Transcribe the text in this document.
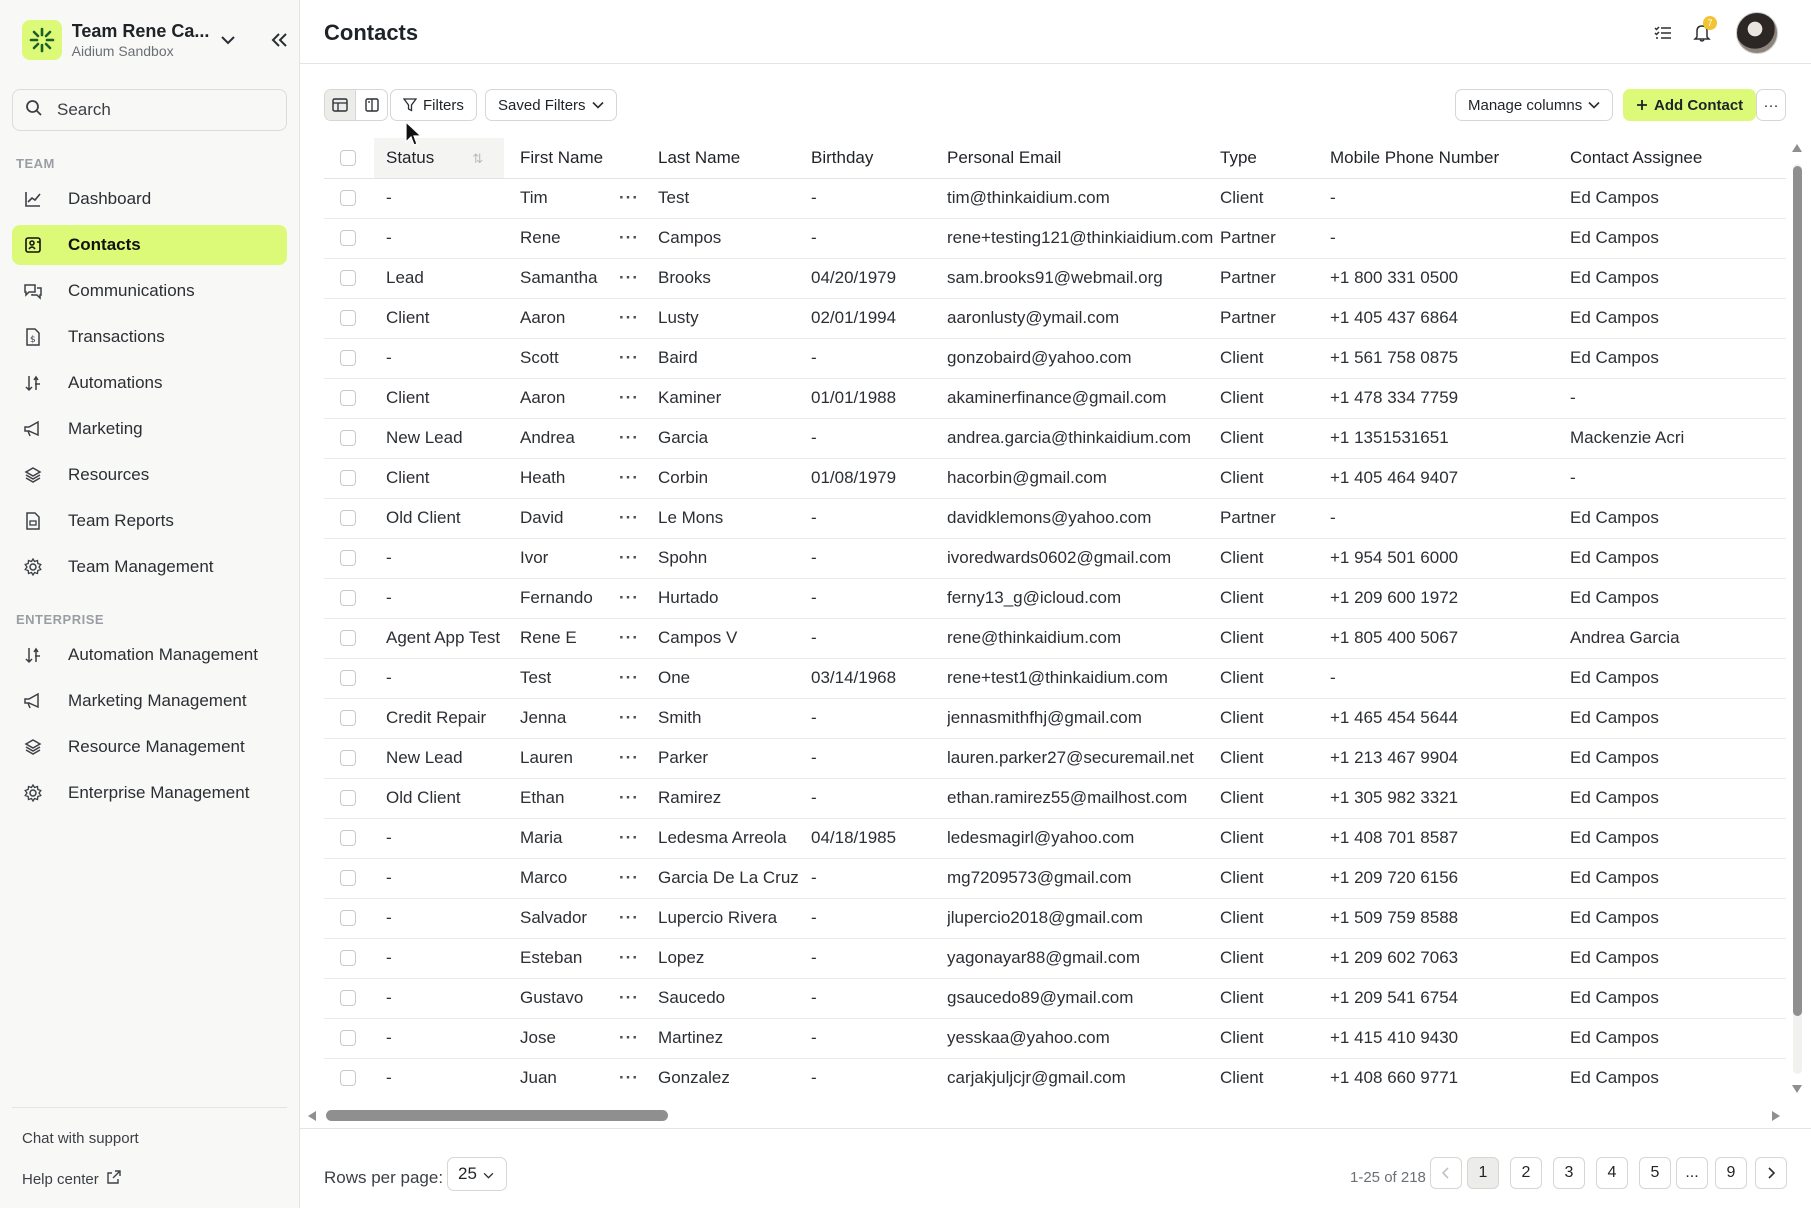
Team Rene Ca...
Aidium Sandbox
Search
TEAM
Dashboard
Contacts
Communications
$ Transactions
Automations
Marketing
Resources
Team Reports
Team Management
ENTERPRISE
Automation Management
Marketing Management
Resource Management
Enterprise Management
Chat with support
Help center
Contacts	7
Filters Saved Filters	Manage columns	Add Contact ···
	Status ⇅	First Name		Last Name	Birthday	Personal Email	Type	Mobile Phone Number	Contact Assignee

	-	Tim	···	Test	-	tim@thinkaidium.com	Client	-	Ed Campos

	-	Rene	···	Campos	-	rene+testing121@thinkiaidium.com	Partner	-	Ed Campos

	Lead	Samantha	···	Brooks	04/20/1979	sam.brooks91@webmail.org	Partner	+1 800 331 0500	Ed Campos

	Client	Aaron	···	Lusty	02/01/1994	aaronlusty@ymail.com	Partner	+1 405 437 6864	Ed Campos

	-	Scott	···	Baird	-	gonzobaird@yahoo.com	Client	+1 561 758 0875	Ed Campos

	Client	Aaron	···	Kaminer	01/01/1988	akaminerfinance@gmail.com	Client	+1 478 334 7759	-

	New Lead	Andrea	···	Garcia	-	andrea.garcia@thinkaidium.com	Client	+1 1351531651	Mackenzie Acri

	Client	Heath	···	Corbin	01/08/1979	hacorbin@gmail.com	Client	+1 405 464 9407	-

	Old Client	David	···	Le Mons	-	davidklemons@yahoo.com	Partner	-	Ed Campos

	-	Ivor	···	Spohn	-	ivoredwards0602@gmail.com	Client	+1 954 501 6000	Ed Campos

	-	Fernando	···	Hurtado	-	ferny13_g@icloud.com	Client	+1 209 600 1972	Ed Campos

	Agent App Test	Rene E	···	Campos V	-	rene@thinkaidium.com	Client	+1 805 400 5067	Andrea Garcia

	-	Test	···	One	03/14/1968	rene+test1@thinkaidium.com	Client	-	Ed Campos

	Credit Repair	Jenna	···	Smith	-	jennasmithfhj@gmail.com	Client	+1 465 454 5644	Ed Campos

	New Lead	Lauren	···	Parker	-	lauren.parker27@securemail.net	Client	+1 213 467 9904	Ed Campos

	Old Client	Ethan	···	Ramirez	-	ethan.ramirez55@mailhost.com	Client	+1 305 982 3321	Ed Campos

	-	Maria	···	Ledesma Arreola	04/18/1985	ledesmagirl@yahoo.com	Client	+1 408 701 8587	Ed Campos

	-	Marco	···	Garcia De La Cruz	-	mg7209573@gmail.com	Client	+1 209 720 6156	Ed Campos

	-	Salvador	···	Lupercio Rivera	-	jlupercio2018@gmail.com	Client	+1 509 759 8588	Ed Campos

	-	Esteban	···	Lopez	-	yagonayar88@gmail.com	Client	+1 209 602 7063	Ed Campos

	-	Gustavo	···	Saucedo	-	gsaucedo89@ymail.com	Client	+1 209 541 6754	Ed Campos

	-	Jose	···	Martinez	-	yesskaa@yahoo.com	Client	+1 415 410 9430	Ed Campos

	-	Juan	···	Gonzalez	-	carjakjuljcjr@gmail.com	Client	+1 408 660 9771	Ed Campos
Rows per page: 25	1-25 of 218	1	2	3	4	5	...	9
